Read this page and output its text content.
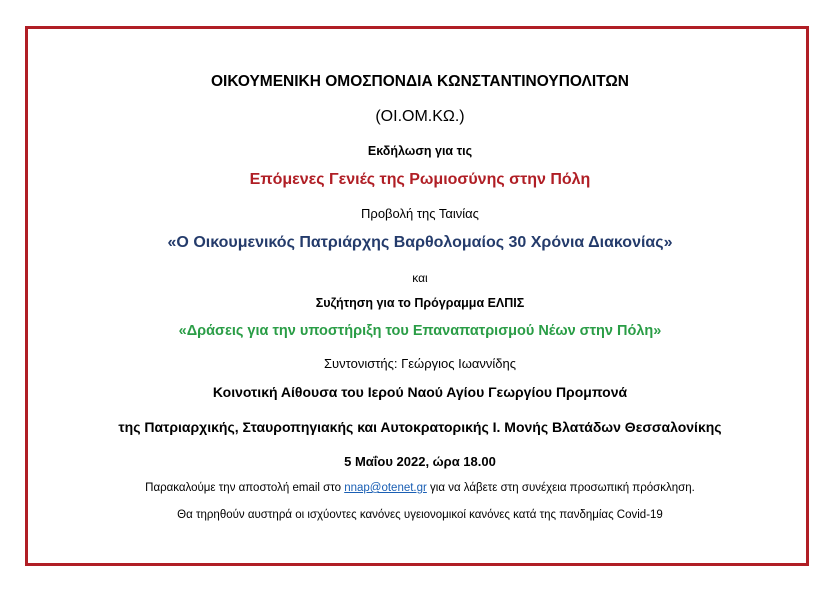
ΟΙΚΟΥΜΕΝΙΚΗ ΟΜΟΣΠΟΝΔΙΑ ΚΩΝΣΤΑΝΤΙΝΟΥΠΟΛΙΤΩΝ
(ΟΙ.ΟΜ.ΚΩ.)
Εκδήλωση για τις
Επόμενες Γενιές της Ρωμιοσύνης στην Πόλη
Προβολή της Ταινίας
«Ο Οικουμενικός Πατριάρχης Βαρθολομαίος 30 Χρόνια Διακονίας»
και
Συζήτηση για το Πρόγραμμα ΕΛΠΙΣ
«Δράσεις για την υποστήριξη του Επαναπατρισμού Νέων στην Πόλη»
Συντονιστής: Γεώργιος Ιωαννίδης
Κοινοτική Αίθουσα του Ιερού Ναού Αγίου Γεωργίου Προμπονά
της Πατριαρχικής, Σταυροπηγιακής και Αυτοκρατορικής Ι. Μονής Βλατάδων Θεσσαλονίκης
5 Μαΐου 2022, ώρα 18.00
Παρακαλούμε την αποστολή email στο nnap@otenet.gr για να λάβετε στη συνέχεια προσωπική πρόσκληση.
Θα τηρηθούν αυστηρά οι ισχύοντες κανόνες υγειονομικοί κανόνες κατά της πανδημίας Covid-19
